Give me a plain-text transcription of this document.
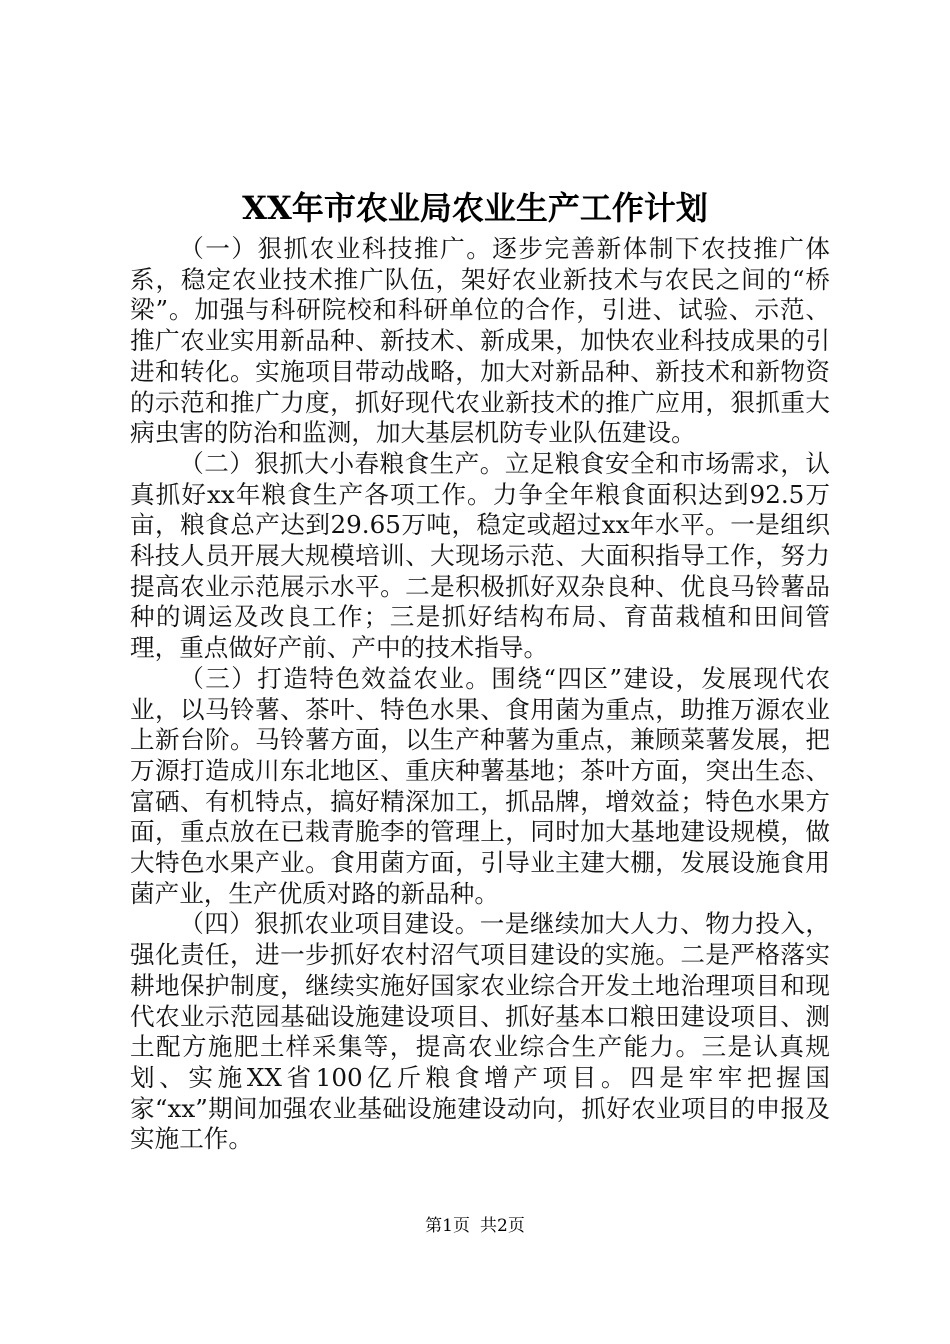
XX年市农业局农业生产工作计划

（一）狠抓农业科技推广。逐步完善新体制下农技推广体系，稳定农业技术推广队伍，架好农业新技术与农民之间的“桥梁”。加强与科研院校和科研单位的合作，引进、试验、示范、推广农业实用新品种、新技术、新成果，加快农业科技成果的引进和转化。实施项目带动战略，加大对新品种、新技术和新物资的示范和推广力度，抓好现代农业新技术的推广应用，狠抓重大病虫害的防治和监测，加大基层机防专业队伍建设。

（二）狠抓大小春粮食生产。立足粮食安全和市场需求，认真抓好xx年粮食生产各项工作。力争全年粮食面积达到92.5万亩，粮食总产达到29.65万吨，稳定或超过xx年水平。一是组织科技人员开展大规模培训、大现场示范、大面积指导工作，努力提高农业示范展示水平。二是积极抓好双杂良种、优良马铃薯品种的调运及改良工作；三是抓好结构布局、育苗栽植和田间管理，重点做好产前、产中的技术指导。

（三）打造特色效益农业。围绕“四区”建设，发展现代农业，以马铃薯、茶叶、特色水果、食用菌为重点，助推万源农业上新台阶。马铃薯方面，以生产种薯为重点，兼顾菜薯发展，把万源打造成川东北地区、重庆种薯基地；茶叶方面，突出生态、富硒、有机特点，搞好精深加工，抓品牌，增效益；特色水果方面，重点放在已栽青脆李的管理上，同时加大基地建设规模，做大特色水果产业。食用菌方面，引导业主建大棚，发展设施食用菌产业，生产优质对路的新品种。

（四）狠抓农业项目建设。一是继续加大人力、物力投入，强化责任，进一步抓好农村沼气项目建设的实施。二是严格落实耕地保护制度，继续实施好国家农业综合开发土地治理项目和现代农业示范园基础设施建设项目、抓好基本口粮田建设项目、测土配方施肥土样采集等，提高农业综合生产能力。三是认真规划、实施XX省100亿斤粮食增产项目。四是牢牢把握国家“xx”期间加强农业基础设施建设动向，抓好农业项目的申报及实施工作。

第1页 共2页
